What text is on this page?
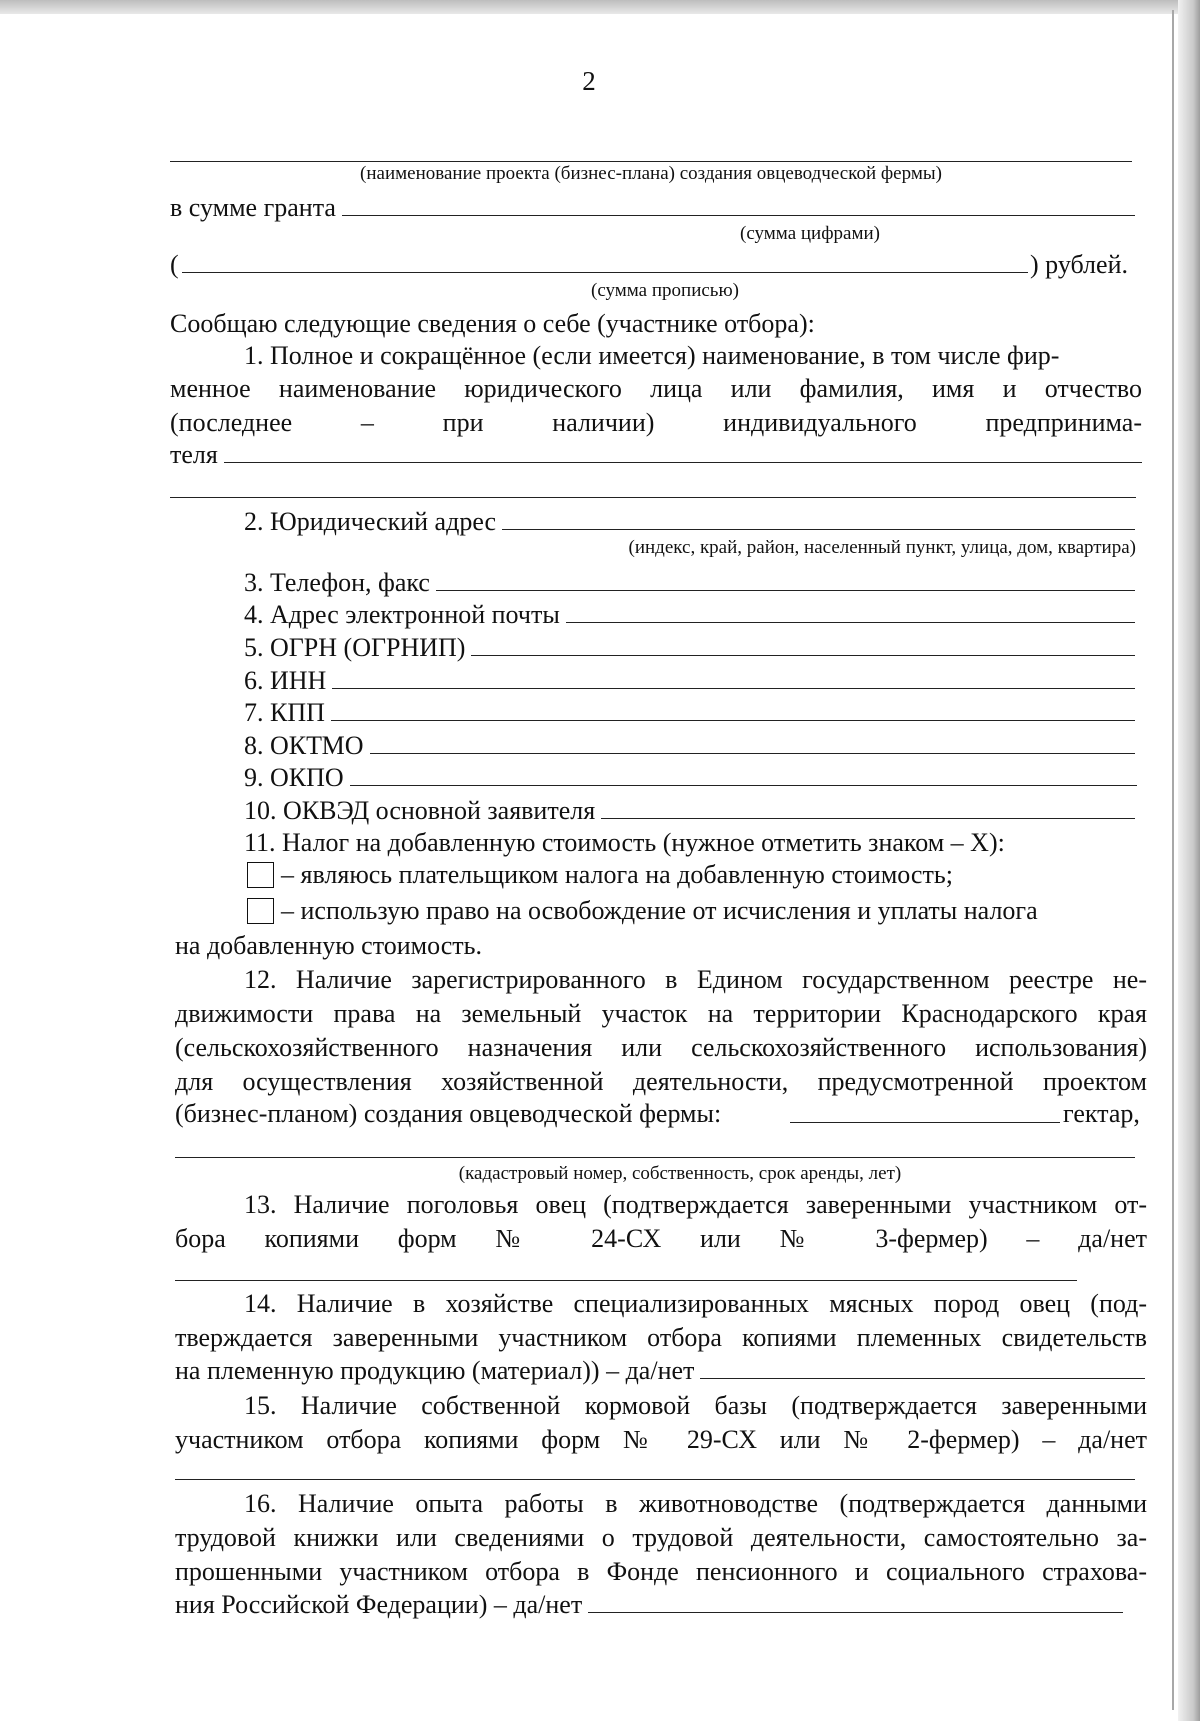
2
(наименование проекта (бизнес-плана) создания овцеводческой фермы)
в сумме гранта
(сумма цифрами)
(	) рублей.
(сумма прописью)
Сообщаю следующие сведения о себе (участнике отбора):
1. Полное и сокращённое (если имеется) наименование, в том числе фир-
менное наименование юридического лица или фамилия, имя и отчество
(последнее – при наличии) индивидуального предпринима-
теля
2. Юридический адрес
(индекс, край, район, населенный пункт, улица, дом, квартира)
3. Телефон, факс
4. Адрес электронной почты
5. ОГРН (ОГРНИП)
6. ИНН
7. КПП
8. ОКТМО
9. ОКПО
10. ОКВЭД основной заявителя
11. Налог на добавленную стоимость (нужное отметить знаком – X):
– являюсь плательщиком налога на добавленную стоимость;
– использую право на освобождение от исчисления и уплаты налога
на добавленную стоимость.
12. Наличие зарегистрированного в Едином государственном реестре не-
движимости права на земельный участок на территории Краснодарского края
(сельскохозяйственного назначения или сельскохозяйственного использования)
для осуществления хозяйственной деятельности, предусмотренной проектом
(бизнес-планом) создания овцеводческой фермы:	гектар,
(кадастровый номер, собственность, срок аренды, лет)
13. Наличие поголовья овец (подтверждается заверенными участником от-
бора копиями форм № 24-СХ или № 3-фермер) – да/нет
14. Наличие в хозяйстве специализированных мясных пород овец (под-
тверждается заверенными участником отбора копиями племенных свидетельств
на племенную продукцию (материал)) – да/нет
15. Наличие собственной кормовой базы (подтверждается заверенными
участником отбора копиями форм № 29-СХ или № 2-фермер) – да/нет
16. Наличие опыта работы в животноводстве (подтверждается данными
трудовой книжки или сведениями о трудовой деятельности, самостоятельно за-
прошенными участником отбора в Фонде пенсионного и социального страхова-
ния Российской Федерации) – да/нет
